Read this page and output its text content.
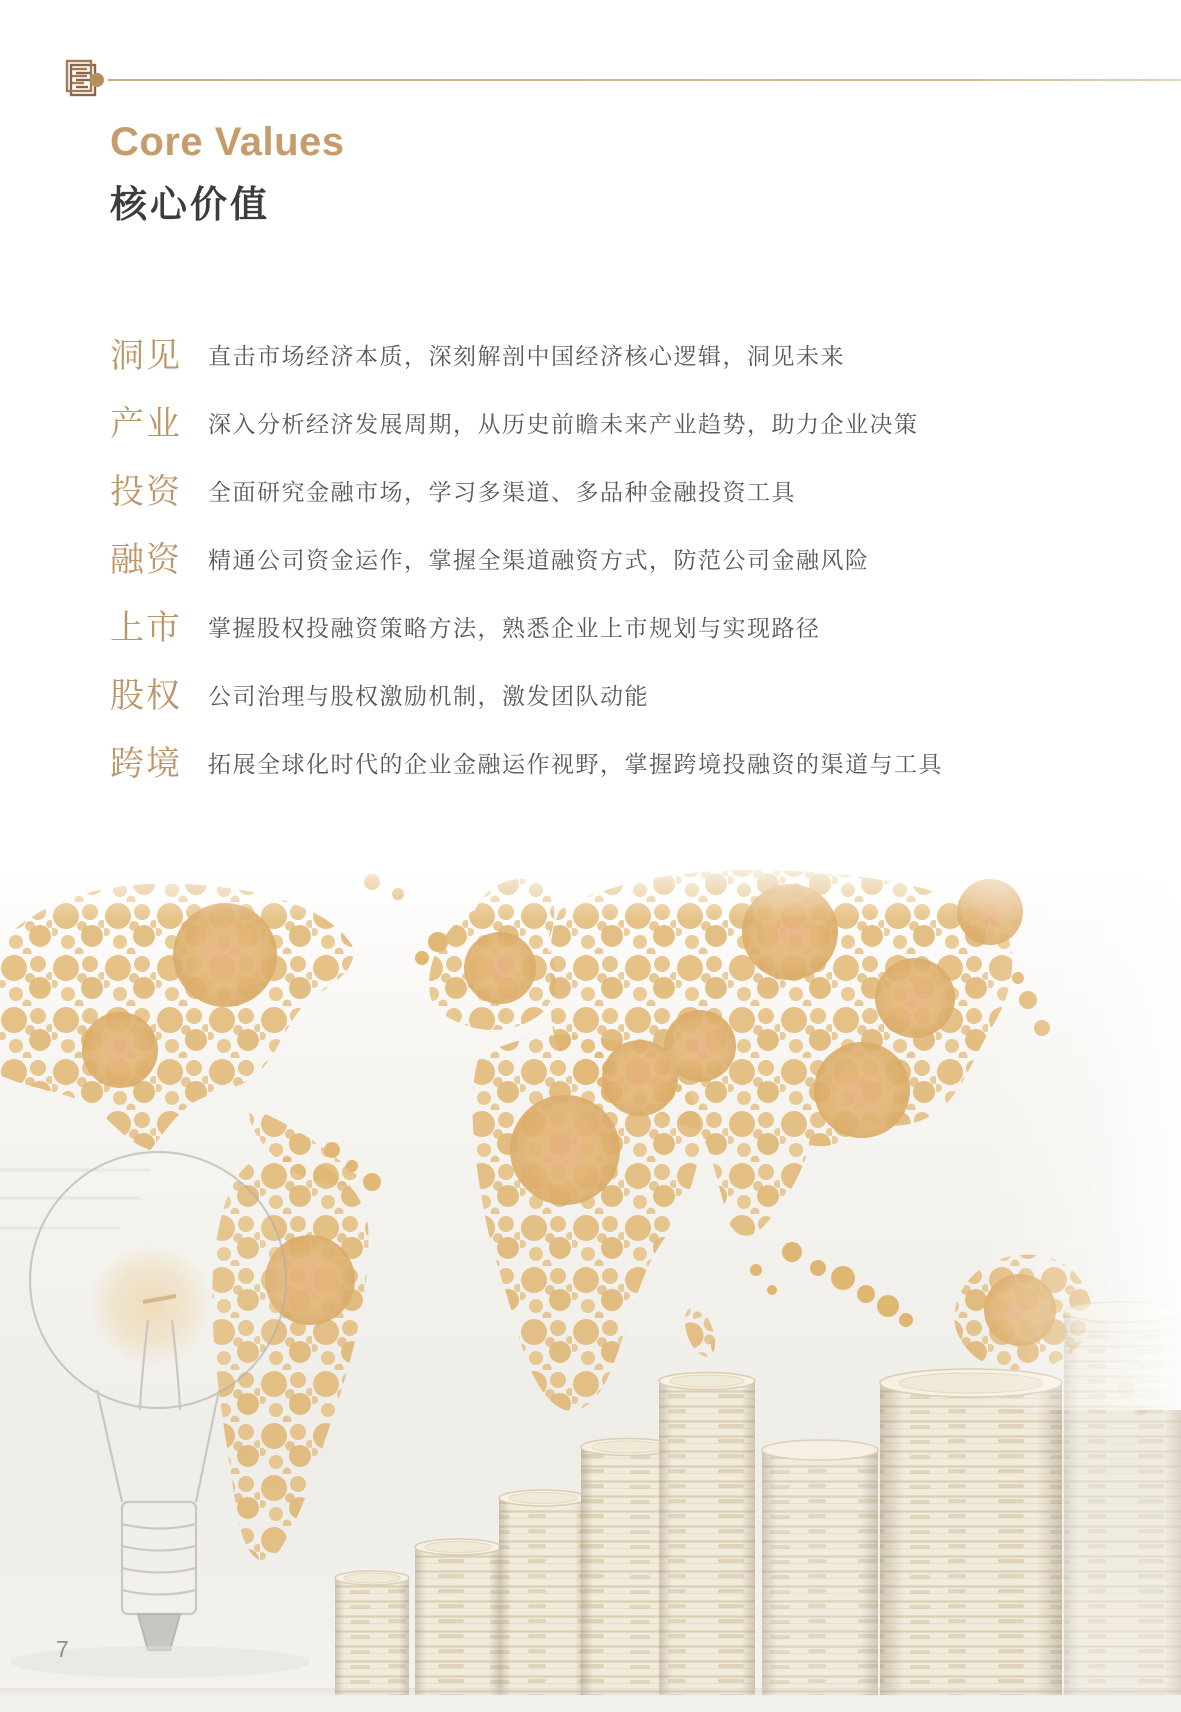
Core Values
核心价值
洞见 直击市场经济本质，深刻解剖中国经济核心逻辑，洞见未来
产业 深入分析经济发展周期，从历史前瞻未来产业趋势，助力企业决策
投资 全面研究金融市场，学习多渠道、多品种金融投资工具
融资 精通公司资金运作，掌握全渠道融资方式，防范公司金融风险
上市 掌握股权投融资策略方法，熟悉企业上市规划与实现路径
股权 公司治理与股权激励机制，激发团队动能
跨境 拓展全球化时代的企业金融运作视野，掌握跨境投融资的渠道与工具
7
